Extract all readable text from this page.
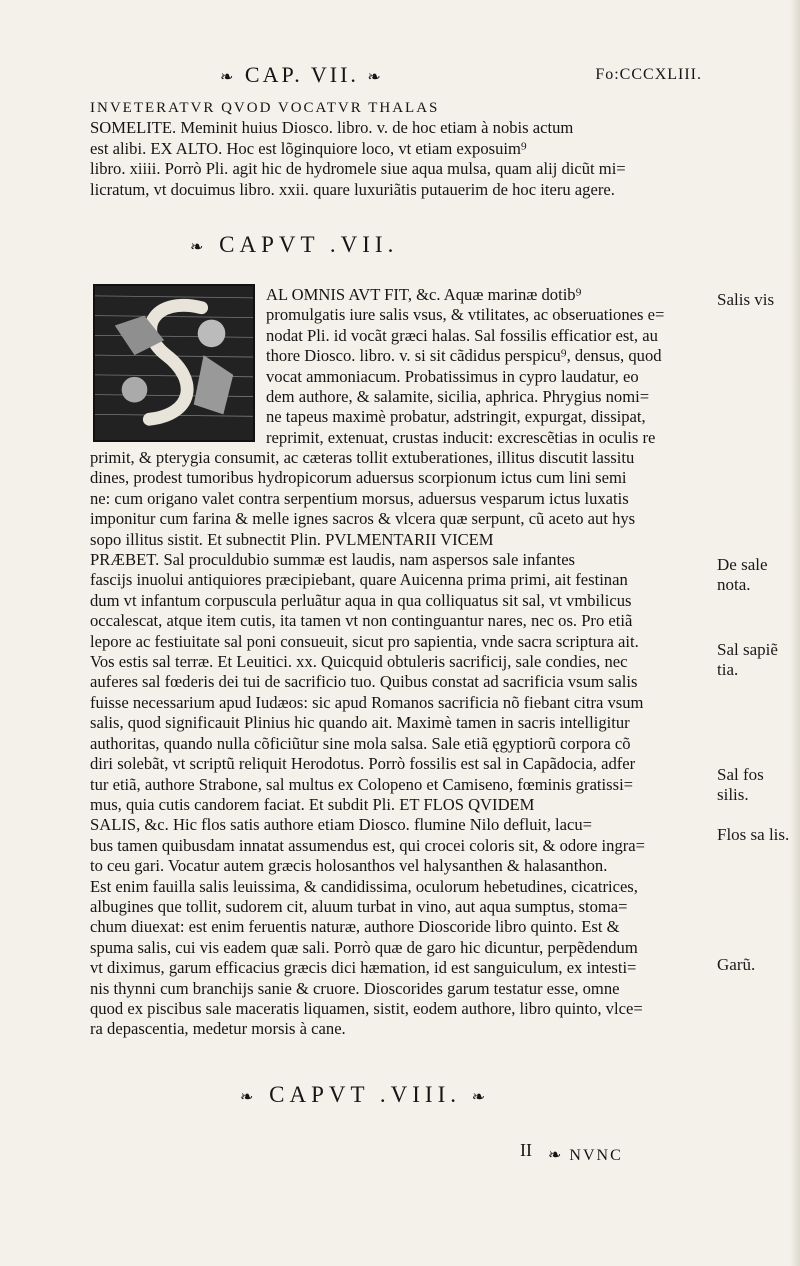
❧ CAP. VII. ❧	Fo:CCCXLIII.
INVETERATVR QVOD VOCATVR THALAS
SOMELITE. Meminit huius Diosco. libro. v. de hoc etiam à nobis actum
est alibi. EX ALTO. Hoc est lõginquiore loco, vt etiam exposuim⁹
libro. xiiii. Porrò Pli. agit hic de hydromele siue aqua mulsa, quam alij dicũt mi=
licratum, vt docuimus libro. xxii. quare luxuriãtis putauerim de hoc iteru agere.
❧ CAPVT .VII.
AL OMNIS AVT FIT, &c. Aquæ marinæ dotib⁹
promulgatis iure salis vsus, & vtilitates, ac obseruationes e=
nodat Pli. id vocãt græci halas. Sal fossilis efficatior est, au
thore Diosco. libro. v. si sit cãdidus perspicu⁹, densus, quod
vocat ammoniacum. Probatissimus in cypro laudatur, eo
dem authore, & salamite, sicilia, aphrica. Phrygius nomi=
ne tapeus maximè probatur, adstringit, expurgat, dissipat,
reprimit, extenuat, crustas inducit: excrescẽtias in oculis re
primit, & pterygia consumit, ac cæteras tollit extuberationes, illitus discutit lassitu
dines, prodest tumoribus hydropicorum aduersus scorpionum ictus cum lini semi
ne: cum origano valet contra serpentium morsus, aduersus vesparum ictus luxatis
imponitur cum farina & melle ignes sacros & vlcera quæ serpunt, cũ aceto aut hys
sopo illitus sistit. Et subnectit Plin. PVLMENTARII VICEM
PRÆBET. Sal proculdubio summæ est laudis, nam aspersos sale infantes
fascijs inuolui antiquiores præcipiebant, quare Auicenna prima primi, ait festinan
dum vt infantum corpuscula perluãtur aqua in qua colliquatus sit sal, vt vmbilicus
occalescat, atque item cutis, ita tamen vt non continguantur nares, nec os. Pro etiã
lepore ac festiuitate sal poni consueuit, sicut pro sapientia, vnde sacra scriptura ait.
Vos estis sal terræ. Et Leuitici. xx. Quicquid obtuleris sacrificij, sale condies, nec
auferes sal fœderis dei tui de sacrificio tuo. Quibus constat ad sacrificia vsum salis
fuisse necessarium apud Iudæos: sic apud Romanos sacrificia nõ fiebant citra vsum
salis, quod significauit Plinius hic quando ait. Maximè tamen in sacris intelligitur
authoritas, quando nulla cõficiũtur sine mola salsa. Sale etiã ęgyptiorũ corpora cõ
diri solebãt, vt scriptũ reliquit Herodotus. Porrò fossilis est sal in Capãdocia, adfer
tur etiã, authore Strabone, sal multus ex Colopeno et Camiseno, fœminis gratissi=
mus, quia cutis candorem faciat. Et subdit Pli. ET FLOS QVIDEM
SALIS, &c. Hic flos satis authore etiam Diosco. flumine Nilo defluit, lacu=
bus tamen quibusdam innatat assumendus est, qui crocei coloris sit, & odore ingra=
to ceu gari. Vocatur autem græcis holosanthos vel halysanthen & halasanthon.
Est enim fauilla salis leuissima, & candidissima, oculorum hebetudines, cicatrices,
albugines que tollit, sudorem cit, aluum turbat in vino, aut aqua sumptus, stoma=
chum diuexat: est enim feruentis naturæ, authore Dioscoride libro quinto. Est &
spuma salis, cui vis eadem quæ sali. Porrò quæ de garo hic dicuntur, perpẽdendum
vt diximus, garum efficacius græcis dici hæmation, id est sanguiculum, ex intesti=
nis thynni cum branchijs sanie & cruore. Dioscorides garum testatur esse, omne
quod ex piscibus sale maceratis liquamen, sistit, eodem authore, libro quinto, vlce=
ra depascentia, medetur morsis à cane.
❧ CAPVT .VIII. ❧
II ❧ NVNC
Salis vis
De sale nota.
Sal sapiẽ tia.
Sal fos silis.
Flos sa lis.
Garũ.
